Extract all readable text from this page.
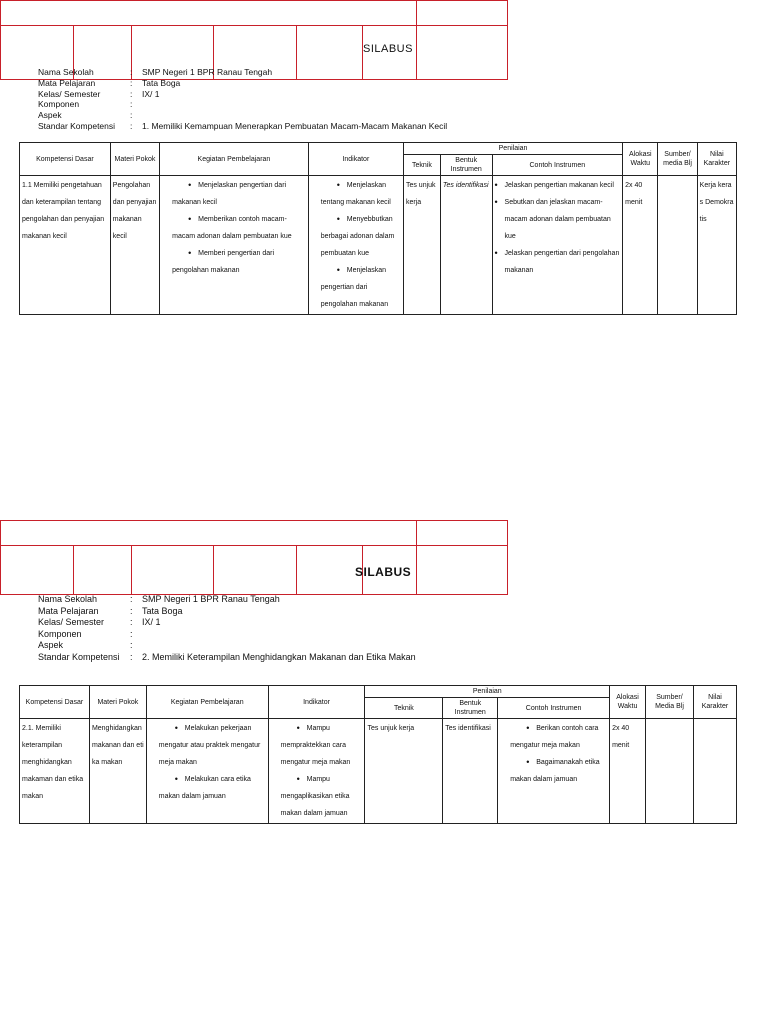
SILABUS
Nama Sekolah	:	SMP Negeri 1 BPR Ranau Tengah
Mata Pelajaran	:	Tata Boga
Kelas/ Semester	:	IX/ 1
Komponen	:
Aspek	:
Standar Kompetensi	:	1. Memiliki Kemampuan Menerapkan Pembuatan Macam-Macam Makanan Kecil
Kompetensi Dasar	Materi Pokok	Kegiatan Pembelajaran	Indikator	Penilaian			Alokasi Waktu	Sumber/ media Blj	Nilai Karakter
				Teknik	Bentuk Instrumen	Contoh Instrumen			
1.1 Memiliki pengetahuan dan keterampilan tentang pengolahan dan penyajian makanan kecil	Pengolahan dan penyajian makanan kecil	• Menjelaskan pengertian dari makanan kecil
• Memberikan contoh macam-macam adonan dalam pembuatan kue
• Memberi pengertian dari pengolahan makanan	• Menjelaskan tentang makanan kecil
• Menyebbutkan berbagai adonan dalam pembuatan kue
• Menjelaskan pengertian dari pengolahan makanan	Tes unjuk kerja	Tes identifikasi	• Jelaskan pengertian makanan kecil
• Sebutkan dan jelaskan macam-macam adonan dalam pembuatan kue
• Jelaskan pengertian dari pengolahan makanan	2x 40 menit		Kerja keras Demokratis
SILABUS
Nama Sekolah	:	SMP Negeri 1 BPR Ranau Tengah
Mata Pelajaran	:	Tata Boga
Kelas/ Semester	:	IX/ 1
Komponen	:
Aspek	:
Standar Kompetensi	:	2. Memiliki Keterampilan Menghidangkan Makanan dan Etika Makan
Kompetensi Dasar	Materi Pokok	Kegiatan Pembelajaran	Indikator	Penilaian			Alokasi Waktu	Sumber/ Media Blj	Nilai Karakter
				Teknik	Bentuk Instrumen	Contoh Instrumen			
2.1. Memiliki keterampilan menghidangkan makaman dan etika makan	Menghidangkan makanan dan etika makan	• Melakukan pekerjaan mengatur atau praktek mengatur meja makan
• Melakukan cara etika makan dalam jamuan	• Mampu mempraktekkan cara mengatur meja makan
• Mampu mengaplikasikan etika makan dalam jamuan	Tes unjuk kerja	Tes identifikasi	• Berikan contoh cara mengatur meja makan
• Bagaimanakah etika makan dalam jamuan	2x 40 menit		
